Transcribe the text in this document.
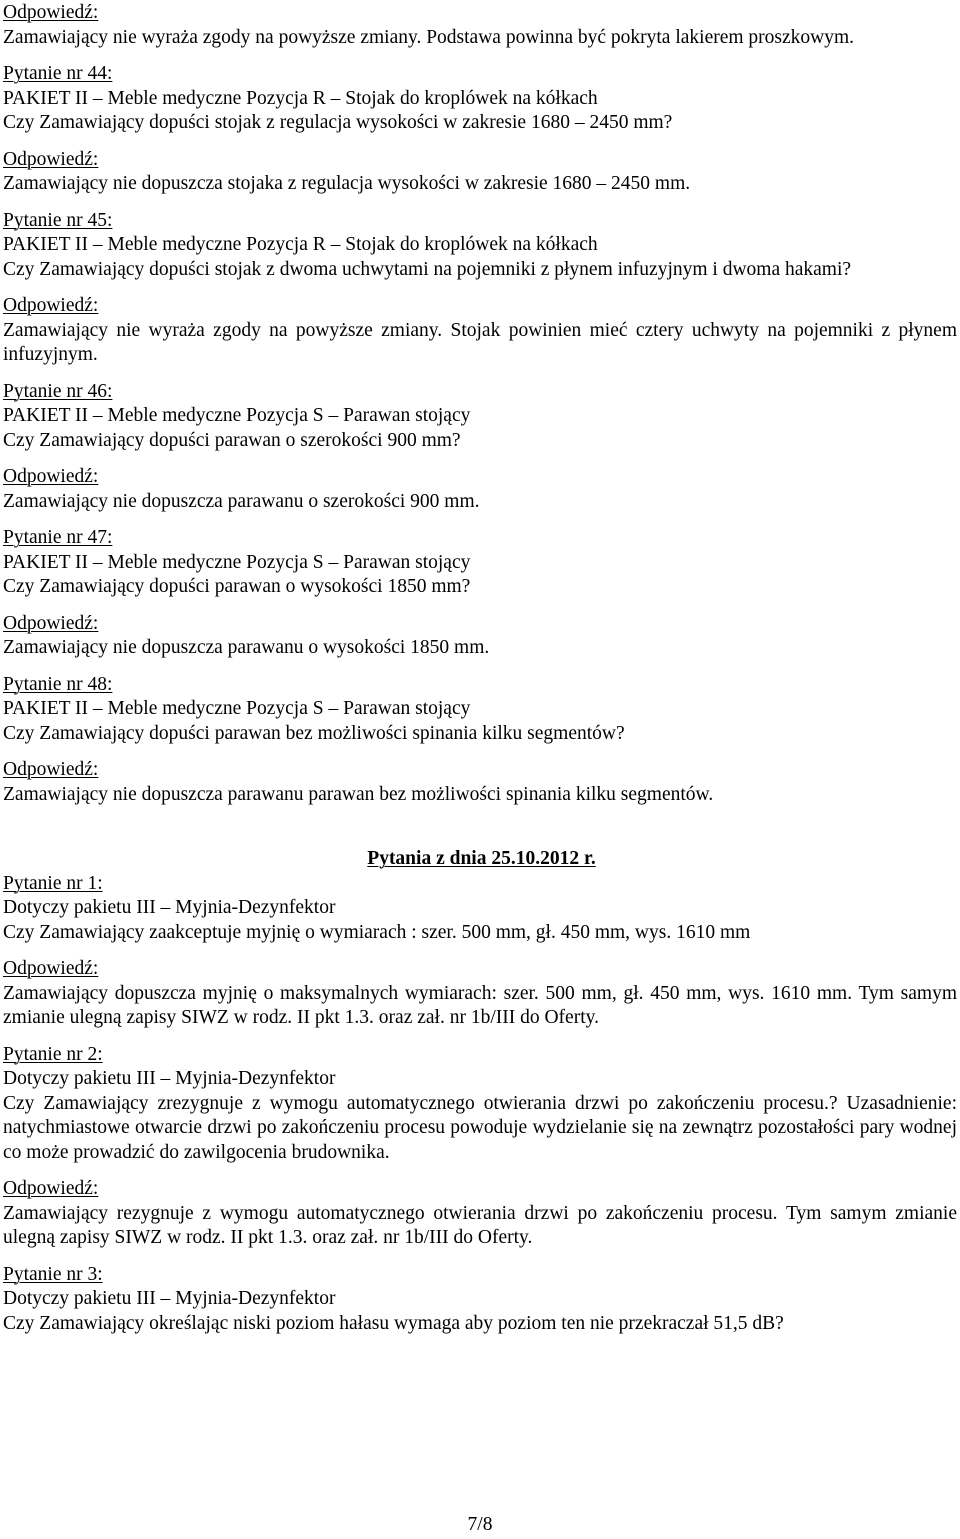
Odpowiedź:

Zamawiający nie wyraża zgody na powyższe zmiany. Podstawa powinna być pokryta lakierem proszkowym.

Pytanie nr 44:

PAKIET II – Meble medyczne Pozycja R – Stojak do kroplówek na kółkach

Czy Zamawiający dopuści stojak z regulacja wysokości w zakresie 1680 – 2450 mm?

Odpowiedź:

Zamawiający nie dopuszcza stojaka z regulacja wysokości w zakresie 1680 – 2450 mm.

Pytanie nr 45:

PAKIET II – Meble medyczne Pozycja R – Stojak do kroplówek na kółkach

Czy Zamawiający dopuści stojak z dwoma uchwytami na pojemniki z płynem infuzyjnym i dwoma hakami?

Odpowiedź:

Zamawiający nie wyraża zgody na powyższe zmiany. Stojak powinien mieć cztery uchwyty na pojemniki z płynem infuzyjnym.

Pytanie nr 46:

PAKIET II – Meble medyczne Pozycja S – Parawan stojący

Czy Zamawiający dopuści parawan o szerokości 900 mm?

Odpowiedź:

Zamawiający nie dopuszcza parawanu o szerokości 900 mm.

Pytanie nr 47:

PAKIET II – Meble medyczne Pozycja S – Parawan stojący

Czy Zamawiający dopuści parawan o wysokości 1850 mm?

Odpowiedź:

Zamawiający nie dopuszcza parawanu o wysokości 1850 mm.

Pytanie nr 48:

PAKIET II – Meble medyczne Pozycja S – Parawan stojący

Czy Zamawiający dopuści parawan bez możliwości spinania kilku segmentów?

Odpowiedź:

Zamawiający nie dopuszcza parawanu parawan bez możliwości spinania kilku segmentów.

Pytania z dnia 25.10.2012 r.

Pytanie nr 1:

Dotyczy pakietu III – Myjnia-Dezynfektor

Czy Zamawiający zaakceptuje myjnię o wymiarach : szer. 500 mm, gł. 450 mm, wys. 1610 mm

Odpowiedź:

Zamawiający dopuszcza myjnię o maksymalnych wymiarach: szer. 500 mm, gł. 450 mm, wys. 1610 mm. Tym samym zmianie ulegną zapisy SIWZ w rodz. II pkt 1.3. oraz zał. nr 1b/III do Oferty.

Pytanie nr 2:

Dotyczy pakietu III – Myjnia-Dezynfektor

Czy Zamawiający zrezygnuje z wymogu automatycznego otwierania drzwi po zakończeniu procesu.? Uzasadnienie: natychmiastowe otwarcie drzwi po zakończeniu procesu powoduje wydzielanie się na zewnątrz pozostałości pary wodnej co może prowadzić do zawilgocenia brudownika.

Odpowiedź:

Zamawiający rezygnuje z wymogu automatycznego otwierania drzwi po zakończeniu procesu. Tym samym zmianie ulegną zapisy SIWZ w rodz. II pkt 1.3. oraz zał. nr 1b/III do Oferty.

Pytanie nr 3:

Dotyczy pakietu III – Myjnia-Dezynfektor

Czy Zamawiający określając niski poziom hałasu wymaga aby poziom ten nie przekraczał 51,5 dB?

7/8
